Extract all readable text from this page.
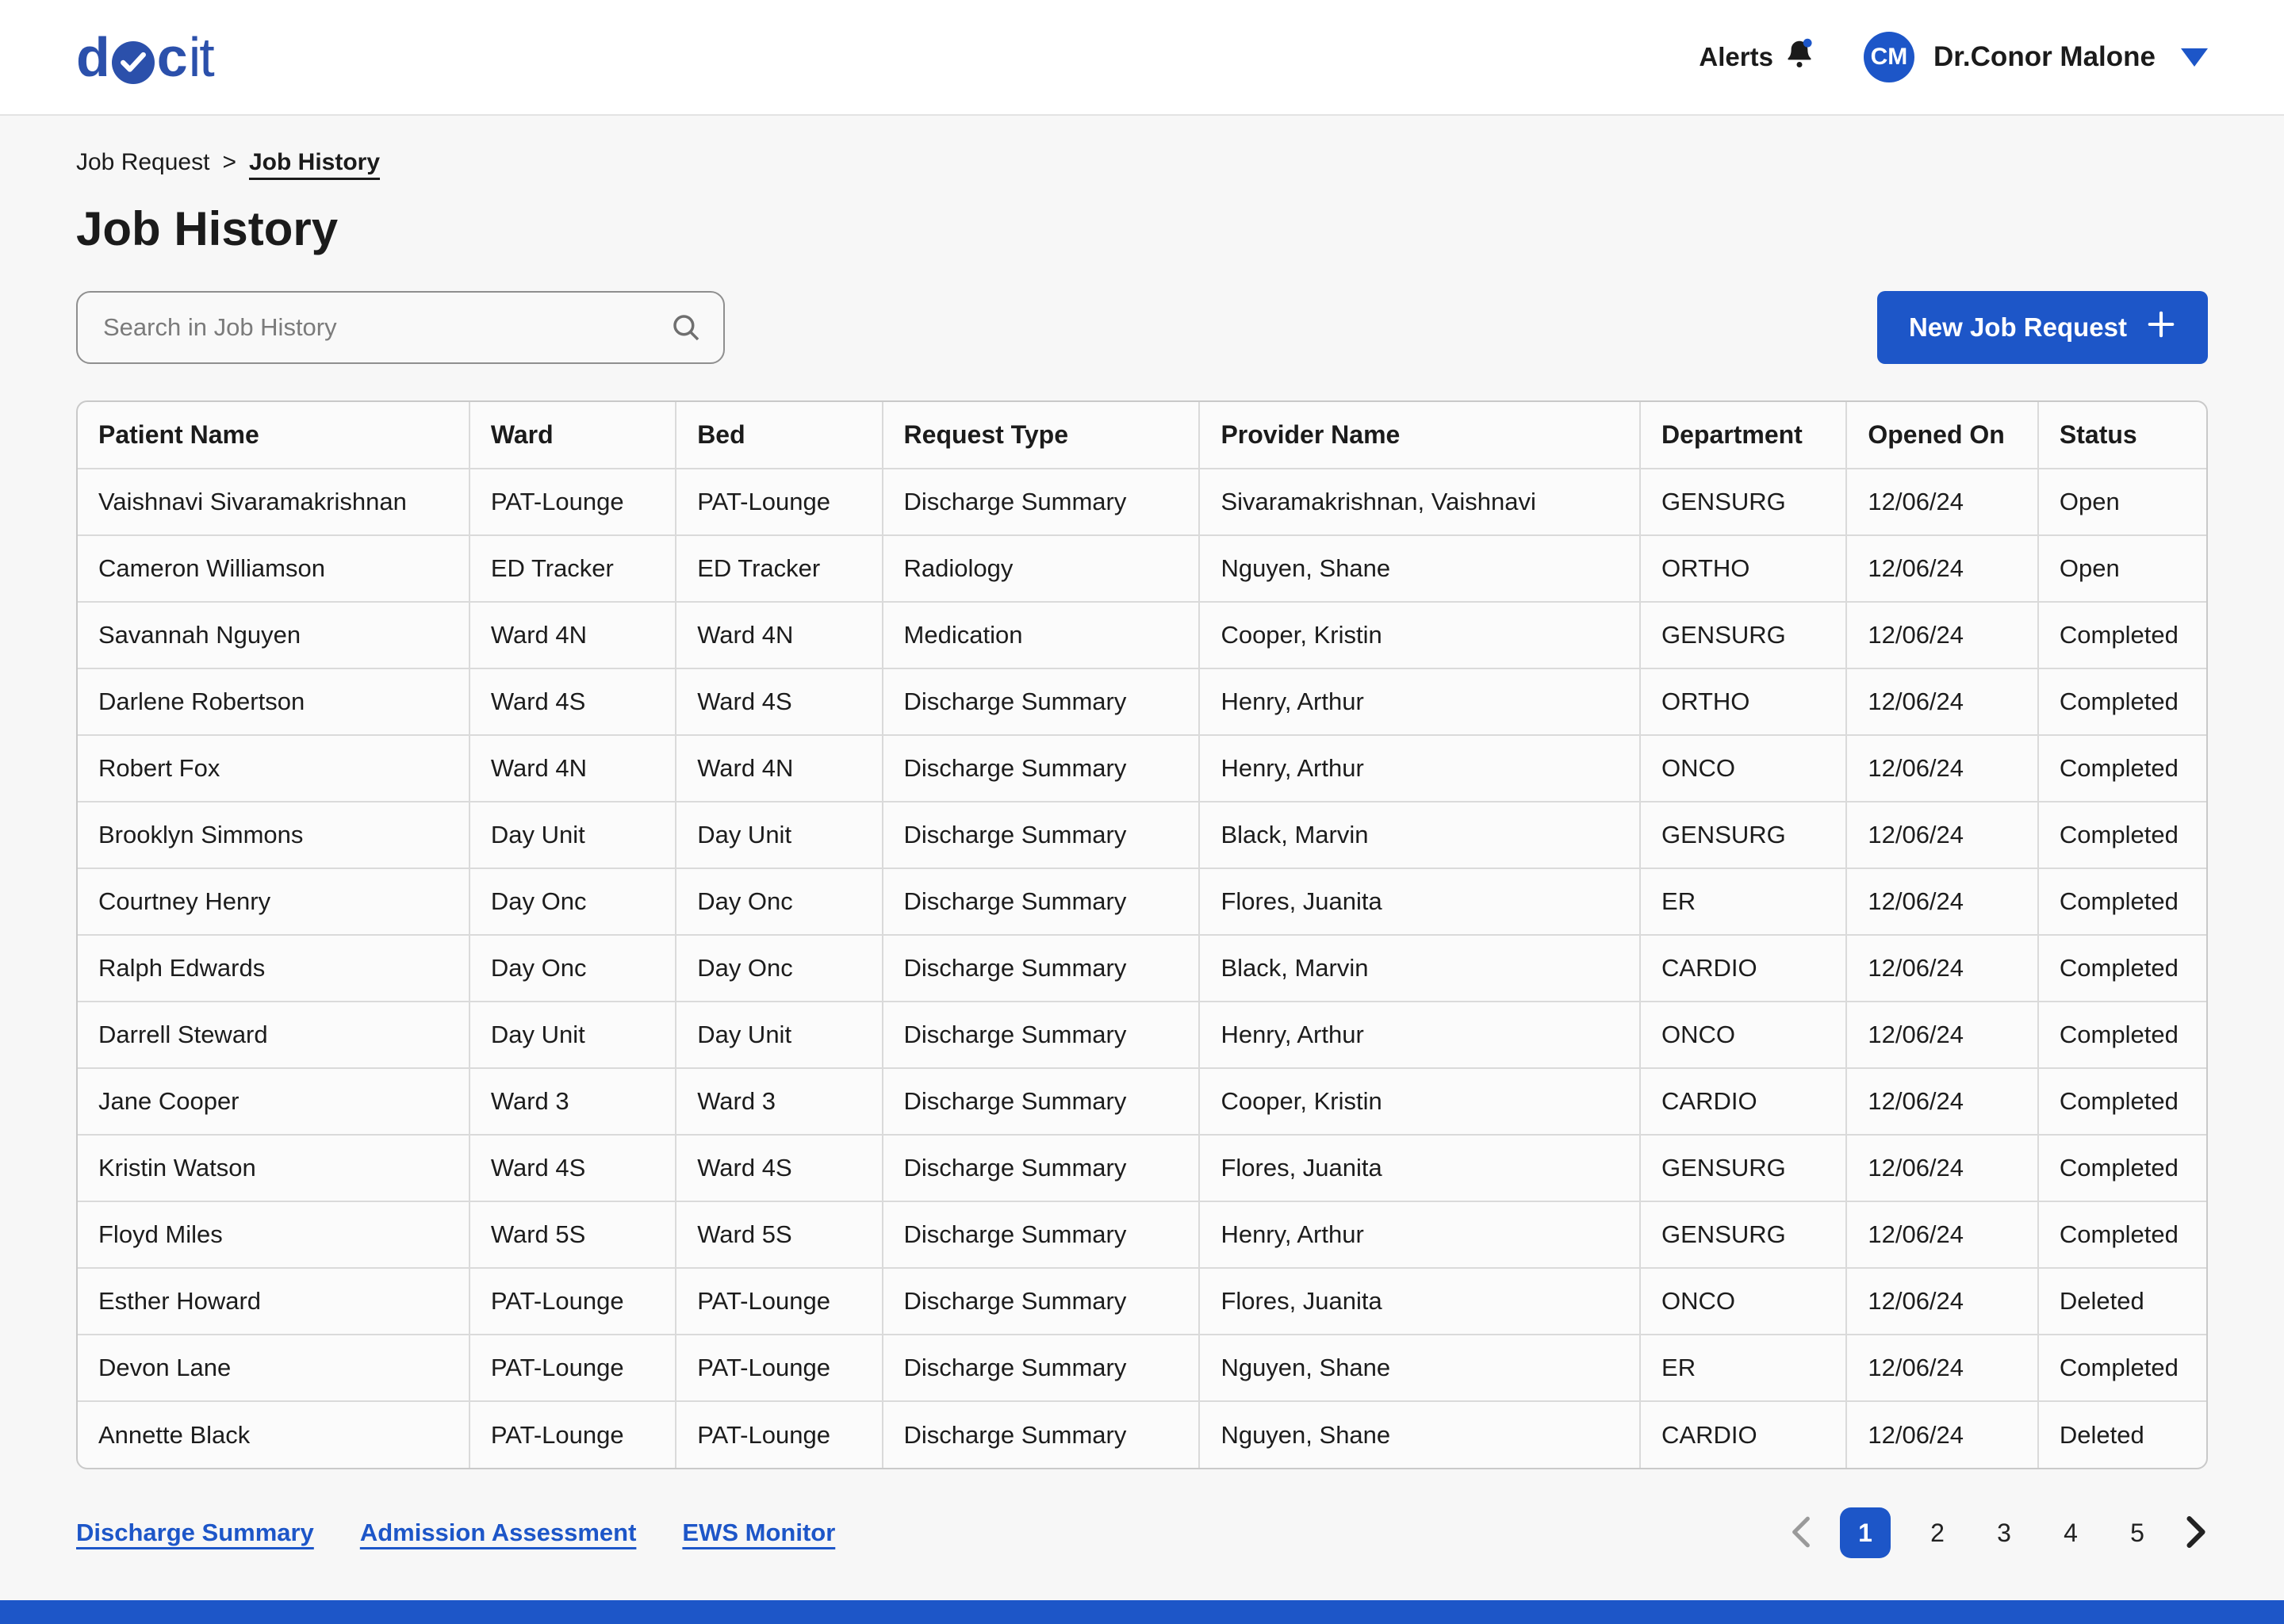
d c it	Alerts	CM Dr.Conor Malone
Job Request > Job History
Job History
Search in Job History
New Job Request
Patient Name	Ward	Bed	Request Type	Provider Name	Department	Opened On	Status
Vaishnavi Sivaramakrishnan	PAT-Lounge	PAT-Lounge	Discharge Summary	Sivaramakrishnan, Vaishnavi	GENSURG	12/06/24	Open
Cameron Williamson	ED Tracker	ED Tracker	Radiology	Nguyen, Shane	ORTHO	12/06/24	Open
Savannah Nguyen	Ward 4N	Ward 4N	Medication	Cooper, Kristin	GENSURG	12/06/24	Completed
Darlene Robertson	Ward 4S	Ward 4S	Discharge Summary	Henry, Arthur	ORTHO	12/06/24	Completed
Robert Fox	Ward 4N	Ward 4N	Discharge Summary	Henry, Arthur	ONCO	12/06/24	Completed
Brooklyn Simmons	Day Unit	Day Unit	Discharge Summary	Black, Marvin	GENSURG	12/06/24	Completed
Courtney Henry	Day Onc	Day Onc	Discharge Summary	Flores, Juanita	ER	12/06/24	Completed
Ralph Edwards	Day Onc	Day Onc	Discharge Summary	Black, Marvin	CARDIO	12/06/24	Completed
Darrell Steward	Day Unit	Day Unit	Discharge Summary	Henry, Arthur	ONCO	12/06/24	Completed
Jane Cooper	Ward 3	Ward 3	Discharge Summary	Cooper, Kristin	CARDIO	12/06/24	Completed
Kristin Watson	Ward 4S	Ward 4S	Discharge Summary	Flores, Juanita	GENSURG	12/06/24	Completed
Floyd Miles	Ward 5S	Ward 5S	Discharge Summary	Henry, Arthur	GENSURG	12/06/24	Completed
Esther Howard	PAT-Lounge	PAT-Lounge	Discharge Summary	Flores, Juanita	ONCO	12/06/24	Deleted
Devon Lane	PAT-Lounge	PAT-Lounge	Discharge Summary	Nguyen, Shane	ER	12/06/24	Completed
Annette Black	PAT-Lounge	PAT-Lounge	Discharge Summary	Nguyen, Shane	CARDIO	12/06/24	Deleted
Discharge Summary Admission Assessment EWS Monitor	1	2	3	4	5
